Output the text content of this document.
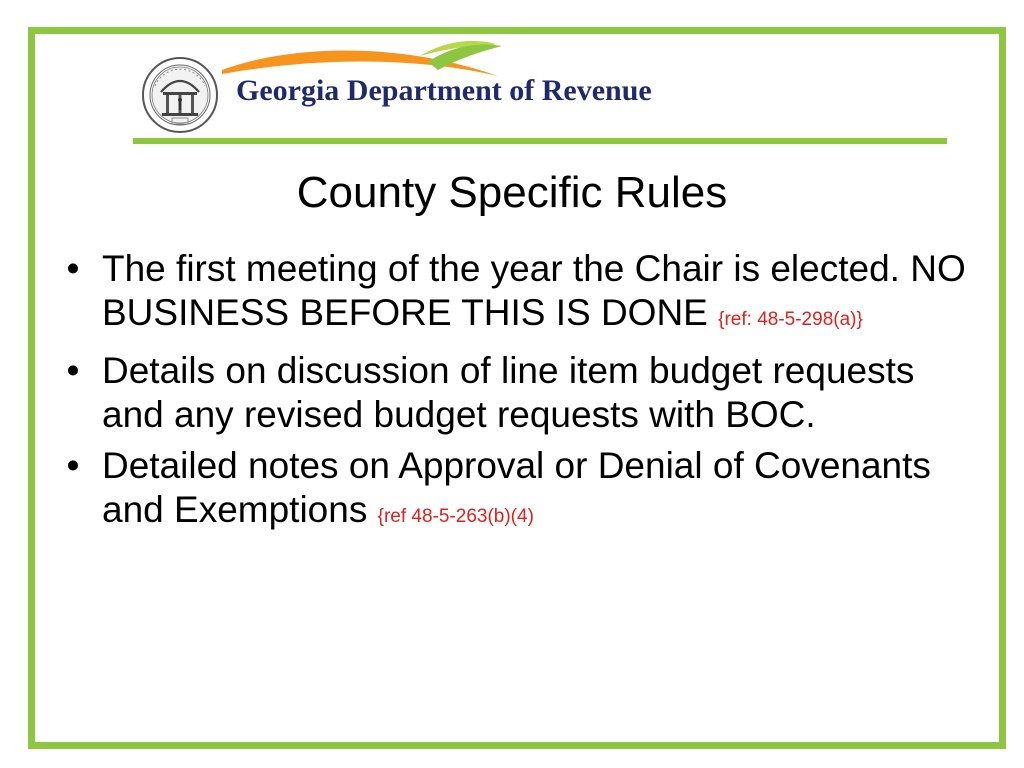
Georgia Department of Revenue
County Specific Rules
• The first meeting of the year the Chair is elected. NO BUSINESS BEFORE THIS IS DONE {ref: 48-5-298(a)}
• Details on discussion of line item budget requests and any revised budget requests with BOC.
• Detailed notes on Approval or Denial of Covenants and Exemptions {ref 48-5-263(b)(4)
